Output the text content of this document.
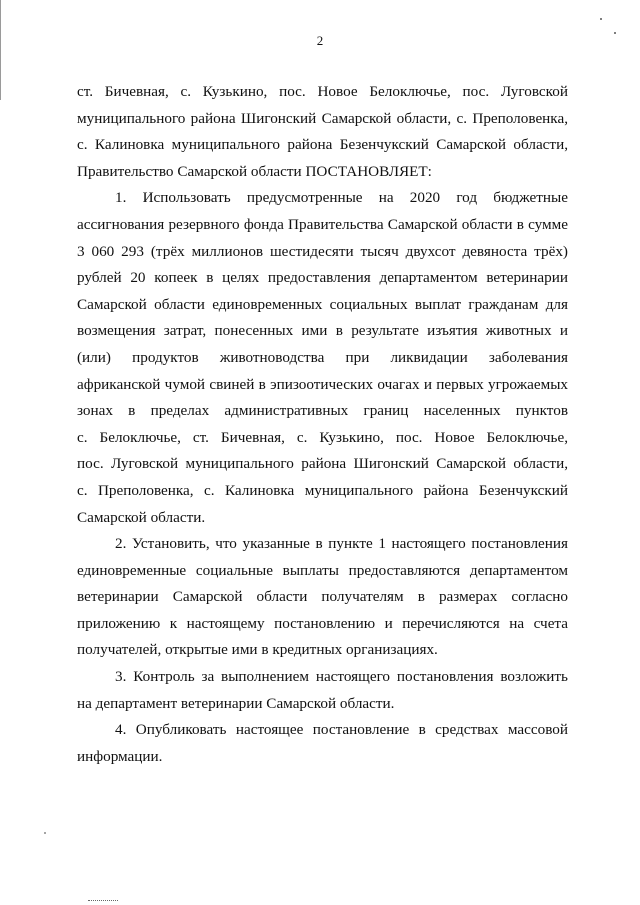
2
ст. Бичевная, с. Кузькино, пос. Новое Белоключье, пос. Луговской
муниципального района Шигонский Самарской области, с. Преполовенка,
с. Калиновка муниципального района Безенчукский Самарской области,
Правительство Самарской области ПОСТАНОВЛЯЕТ:
1. Использовать предусмотренные на 2020 год бюджетные
ассигнования резервного фонда Правительства Самарской области в сумме
3 060 293 (трёх миллионов шестидесяти тысяч двухсот девяноста трёх)
рублей 20 копеек в целях предоставления департаментом ветеринарии
Самарской области единовременных социальных выплат гражданам для
возмещения затрат, понесенных ими в результате изъятия животных и
(или) продуктов животноводства при ликвидации заболевания
африканской чумой свиней в эпизоотических очагах и первых угрожаемых
зонах в пределах административных границ населенных пунктов
с. Белоключье, ст. Бичевная, с. Кузькино, пос. Новое Белоключье,
пос. Луговской муниципального района Шигонский Самарской области,
с. Преполовенка, с. Калиновка муниципального района Безенчукский
Самарской области.
2. Установить, что указанные в пункте 1 настоящего постановления
единовременные социальные выплаты предоставляются департаментом
ветеринарии Самарской области получателям в размерах согласно
приложению к настоящему постановлению и перечисляются на счета
получателей, открытые ими в кредитных организациях.
3. Контроль за выполнением настоящего постановления возложить
на департамент ветеринарии Самарской области.
4. Опубликовать настоящее постановление в средствах массовой
информации.
